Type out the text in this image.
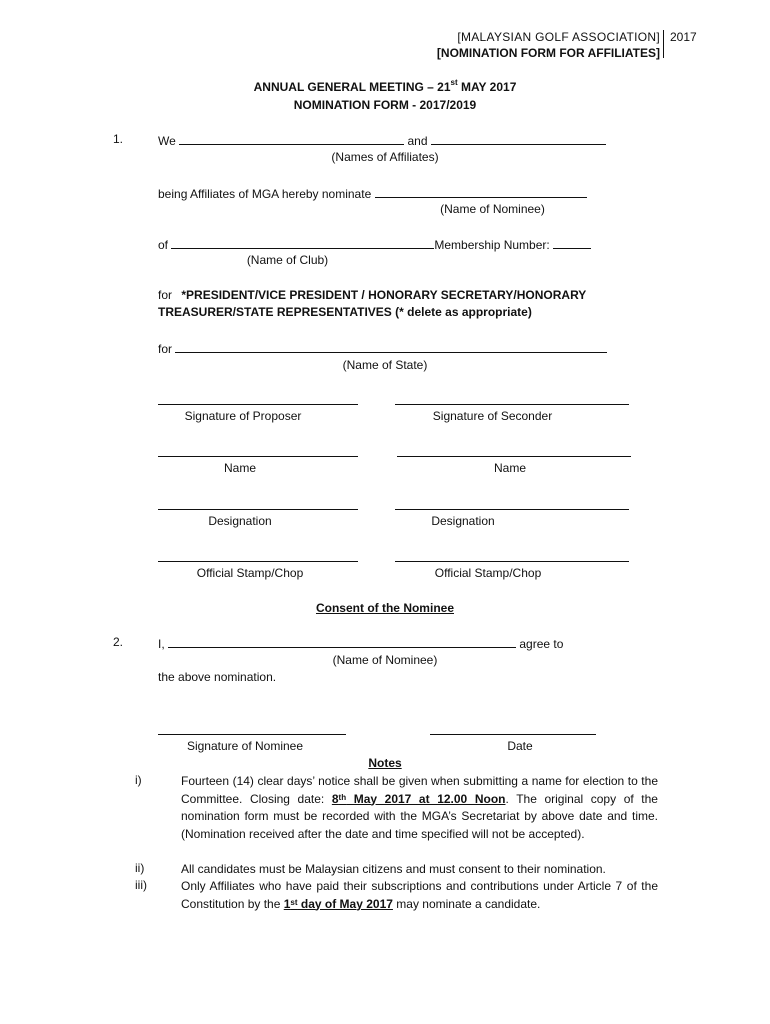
[MALAYSIAN GOLF ASSOCIATION]
[NOMINATION FORM FOR AFFILIATES]
2017
ANNUAL GENERAL MEETING – 21st MAY 2017
NOMINATION FORM - 2017/2019
1.	We	and
(Names of Affiliates)
being Affiliates of MGA hereby nominate
(Name of Nominee)
of	Membership Number:
(Name of Club)
for *PRESIDENT/VICE PRESIDENT / HONORARY SECRETARY/HONORARY
TREASURER/STATE REPRESENTATIVES (* delete as appropriate)
for
(Name of State)
Signature of Proposer	Signature of Seconder
Name	Name
Designation	Designation
Official Stamp/Chop	Official Stamp/Chop
Consent of the Nominee
2.	I,	agree to
(Name of Nominee)
the above nomination.
Signature of Nominee	Date
Notes
i)	Fourteen (14) clear days’ notice shall be given when submitting a name for election to the Committee. Closing date: 8th May 2017 at 12.00 Noon. The original copy of the nomination form must be recorded with the MGA’s Secretariat by above date and time. (Nomination received after the date and time specified will not be accepted).
ii)	All candidates must be Malaysian citizens and must consent to their nomination.
iii)	Only Affiliates who have paid their subscriptions and contributions under Article 7 of the Constitution by the 1st day of May 2017 may nominate a candidate.
